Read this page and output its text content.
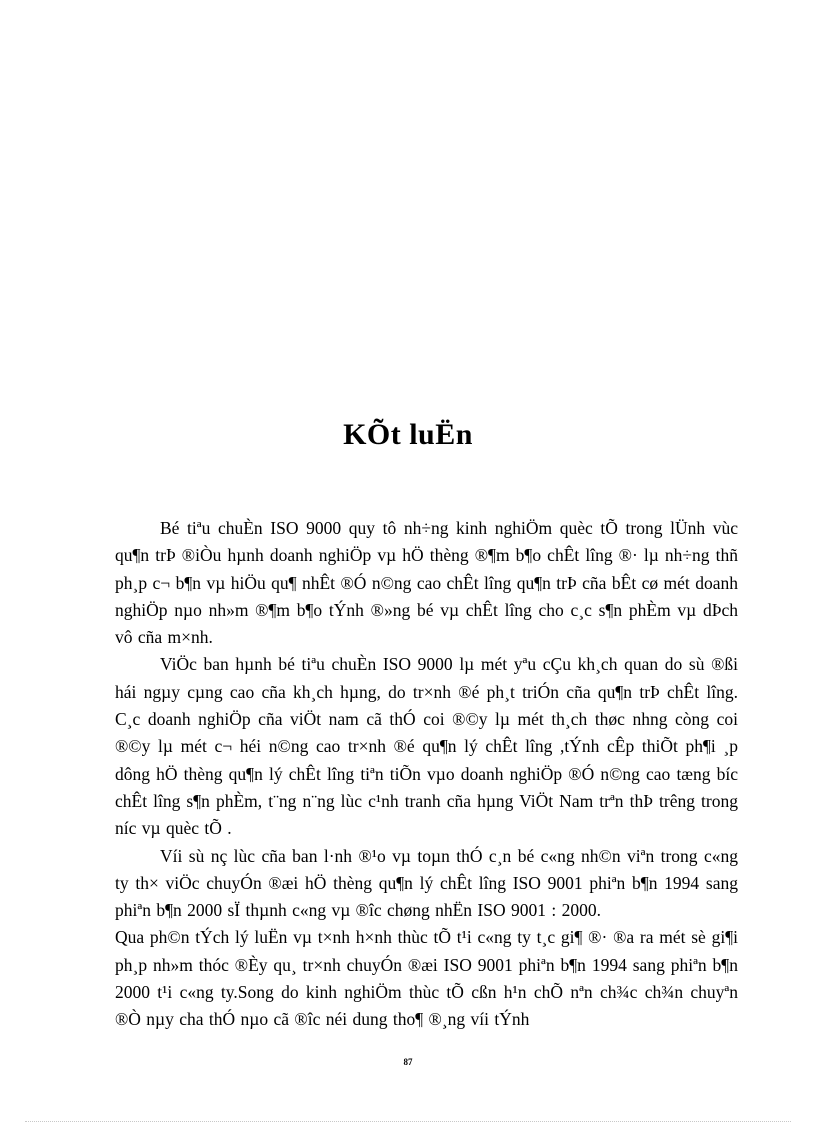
KÕt luËn

Bé tiªu chuÈn ISO 9000 quy tô nh÷ng kinh nghiÖm quèc tÕ trong lÜnh vùc qu¶n trÞ ®iÒu hµnh doanh nghiÖp vµ hÖ thèng ®¶m b¶o chÊt lîng ®· lµ nh÷ng thñ ph¸p c¬ b¶n vµ hiÖu qu¶ nhÊt ®Ó n©ng cao chÊt lîng qu¶n trÞ cña bÊt cø mét doanh nghiÖp nµo nh»m ®¶m b¶o tÝnh ®»ng bé vµ chÊt lîng cho c¸c s¶n phÈm vµ dÞch vô cña m×nh.

ViÖc ban hµnh bé tiªu chuÈn ISO 9000 lµ mét yªu cÇu kh¸ch quan do sù ®ßi hái ngµy cµng cao cña kh¸ch hµng, do tr×nh ®é ph¸t triÓn cña qu¶n trÞ chÊt lîng. C¸c doanh nghiÖp cña viÖt nam cã thÓ coi ®©y lµ mét th¸ch thøc nhng còng coi ®©y lµ mét c¬ héi n©ng cao tr×nh ®é qu¶n lý chÊt lîng ,tÝnh cÊp thiÕt ph¶i ¸p dông hÖ thèng qu¶n lý chÊt lîng tiªn tiÕn vµo doanh nghiÖp ®Ó n©ng cao tæng bíc chÊt lîng s¶n phÈm, t¨ng n¨ng lùc c¹nh tranh cña hµng ViÖt Nam trªn thÞ trêng trong níc vµ quèc tÕ .

Víi sù nç lùc cña ban l·nh ®¹o vµ toµn thÓ c¸n bé c«ng nh©n viªn trong c«ng ty th× viÖc chuyÓn ®æi hÖ thèng qu¶n lý chÊt lîng ISO 9001 phiªn b¶n 1994 sang phiªn b¶n 2000 sÏ thµnh c«ng vµ ®îc chøng nhËn ISO 9001 : 2000.

Qua ph©n tÝch lý luËn vµ t×nh h×nh thùc tÕ t¹i c«ng ty t¸c gi¶ ®· ®a ra mét sè gi¶i ph¸p nh»m thóc ®Èy qu¸ tr×nh chuyÓn ®æi ISO 9001 phiªn b¶n 1994 sang phiªn b¶n 2000 t¹i c«ng ty.Song do kinh nghiÖm thùc tÕ cßn h¹n chÕ nªn ch¾c ch¾n chuyªn ®Ò nµy cha thÓ nµo cã ®îc néi dung tho¶ ®¸ng víi tÝnh

87
